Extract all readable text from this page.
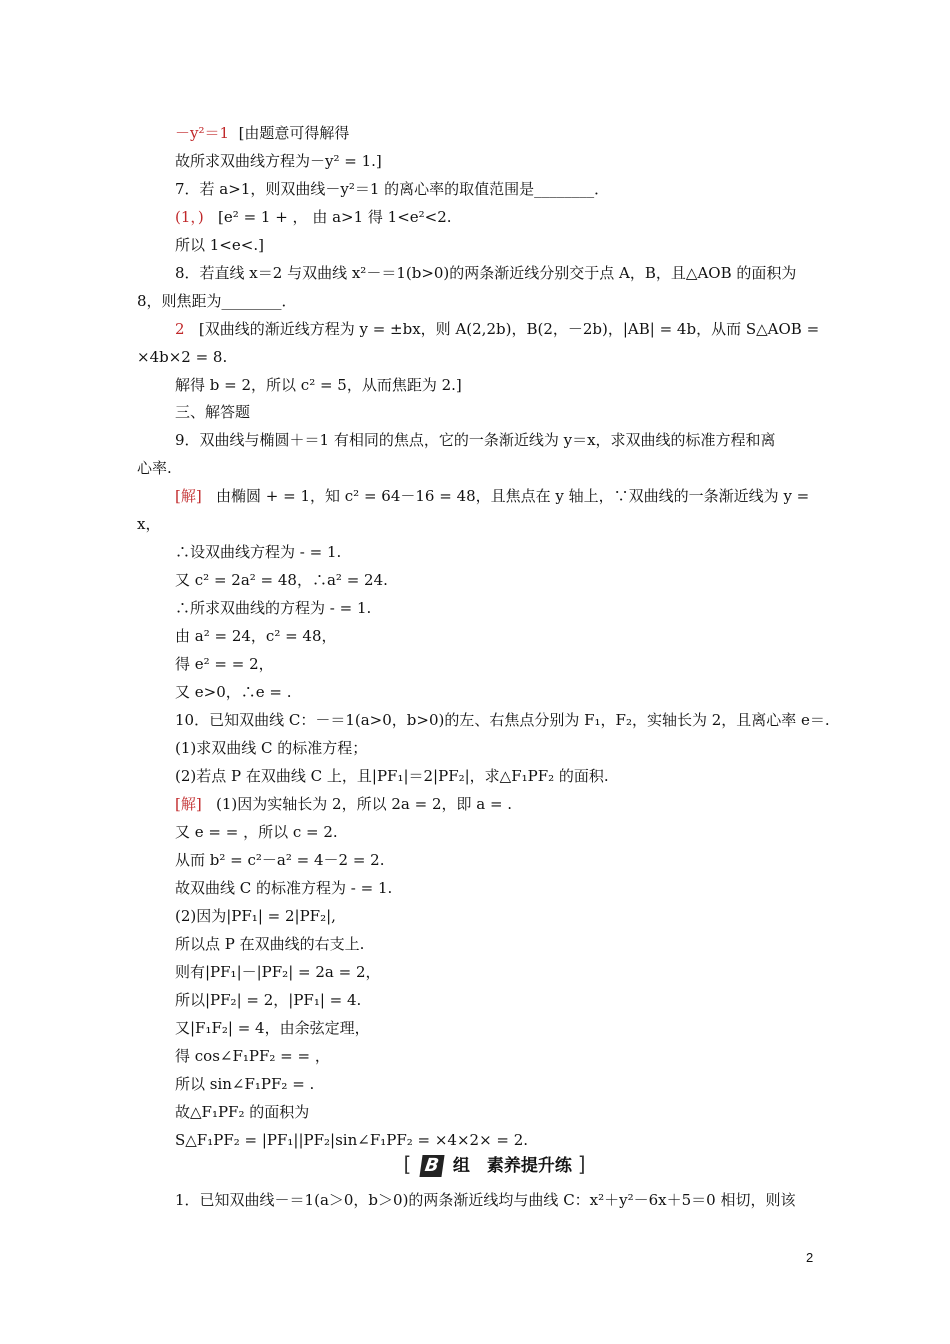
－y²＝1  [由题意可得解得
故所求双曲线方程为－y² = 1.]
7．若 a>1，则双曲线－y²＝1 的离心率的取值范围是________．
(1，)   [e² = 1 + ， 由 a>1 得 1<e²<2.
所以 1<e<.]
8．若直线 x＝2 与双曲线 x²－＝1(b>0)的两条渐近线分别交于点 A，B，且△AOB 的面积为
8，则焦距为________．
2   [双曲线的渐近线方程为 y = ±bx，则 A(2,2b)，B(2，－2b)，|AB| = 4b，从而 S△AOB =
×4b×2 = 8.
解得 b = 2，所以 c² = 5，从而焦距为 2.]
三、解答题
9．双曲线与椭圆＋＝1 有相同的焦点，它的一条渐近线为 y＝x，求双曲线的标准方程和离
心率.
[解]   由椭圆 + = 1，知 c² = 64－16 = 48，且焦点在 y 轴上，∵双曲线的一条渐近线为 y =
x，
∴设双曲线方程为 - = 1.
又 c² = 2a² = 48，∴a² = 24.
∴所求双曲线的方程为 - = 1.
由 a² = 24，c² = 48，
得 e² = = 2，
又 e>0，∴e = .
10．已知双曲线 C：－＝1(a>0，b>0)的左、右焦点分别为 F₁，F₂，实轴长为 2，且离心率 e＝.
(1)求双曲线 C 的标准方程；
(2)若点 P 在双曲线 C 上，且|PF₁|＝2|PF₂|，求△F₁PF₂ 的面积.
[解]   (1)因为实轴长为 2，所以 2a = 2，即 a = .
又 e = = ，所以 c = 2.
从而 b² = c²－a² = 4－2 = 2.
故双曲线 C 的标准方程为 - = 1.
(2)因为|PF₁| = 2|PF₂|,
所以点 P 在双曲线的右支上.
则有|PF₁|－|PF₂| = 2a = 2，
所以|PF₂| = 2，|PF₁| = 4.
又|F₁F₂| = 4，由余弦定理，
得 cos∠F₁PF₂ = = ，
所以 sin∠F₁PF₂ = .
故△F₁PF₂ 的面积为
S△F₁PF₂ = |PF₁||PF₂|sin∠F₁PF₂ = ×4×2× = 2.
1．已知双曲线－＝1(a＞0，b＞0)的两条渐近线均与曲线 C：x²＋y²－6x＋5＝0 相切，则该
[ B 组　素养提升练 ]
2
